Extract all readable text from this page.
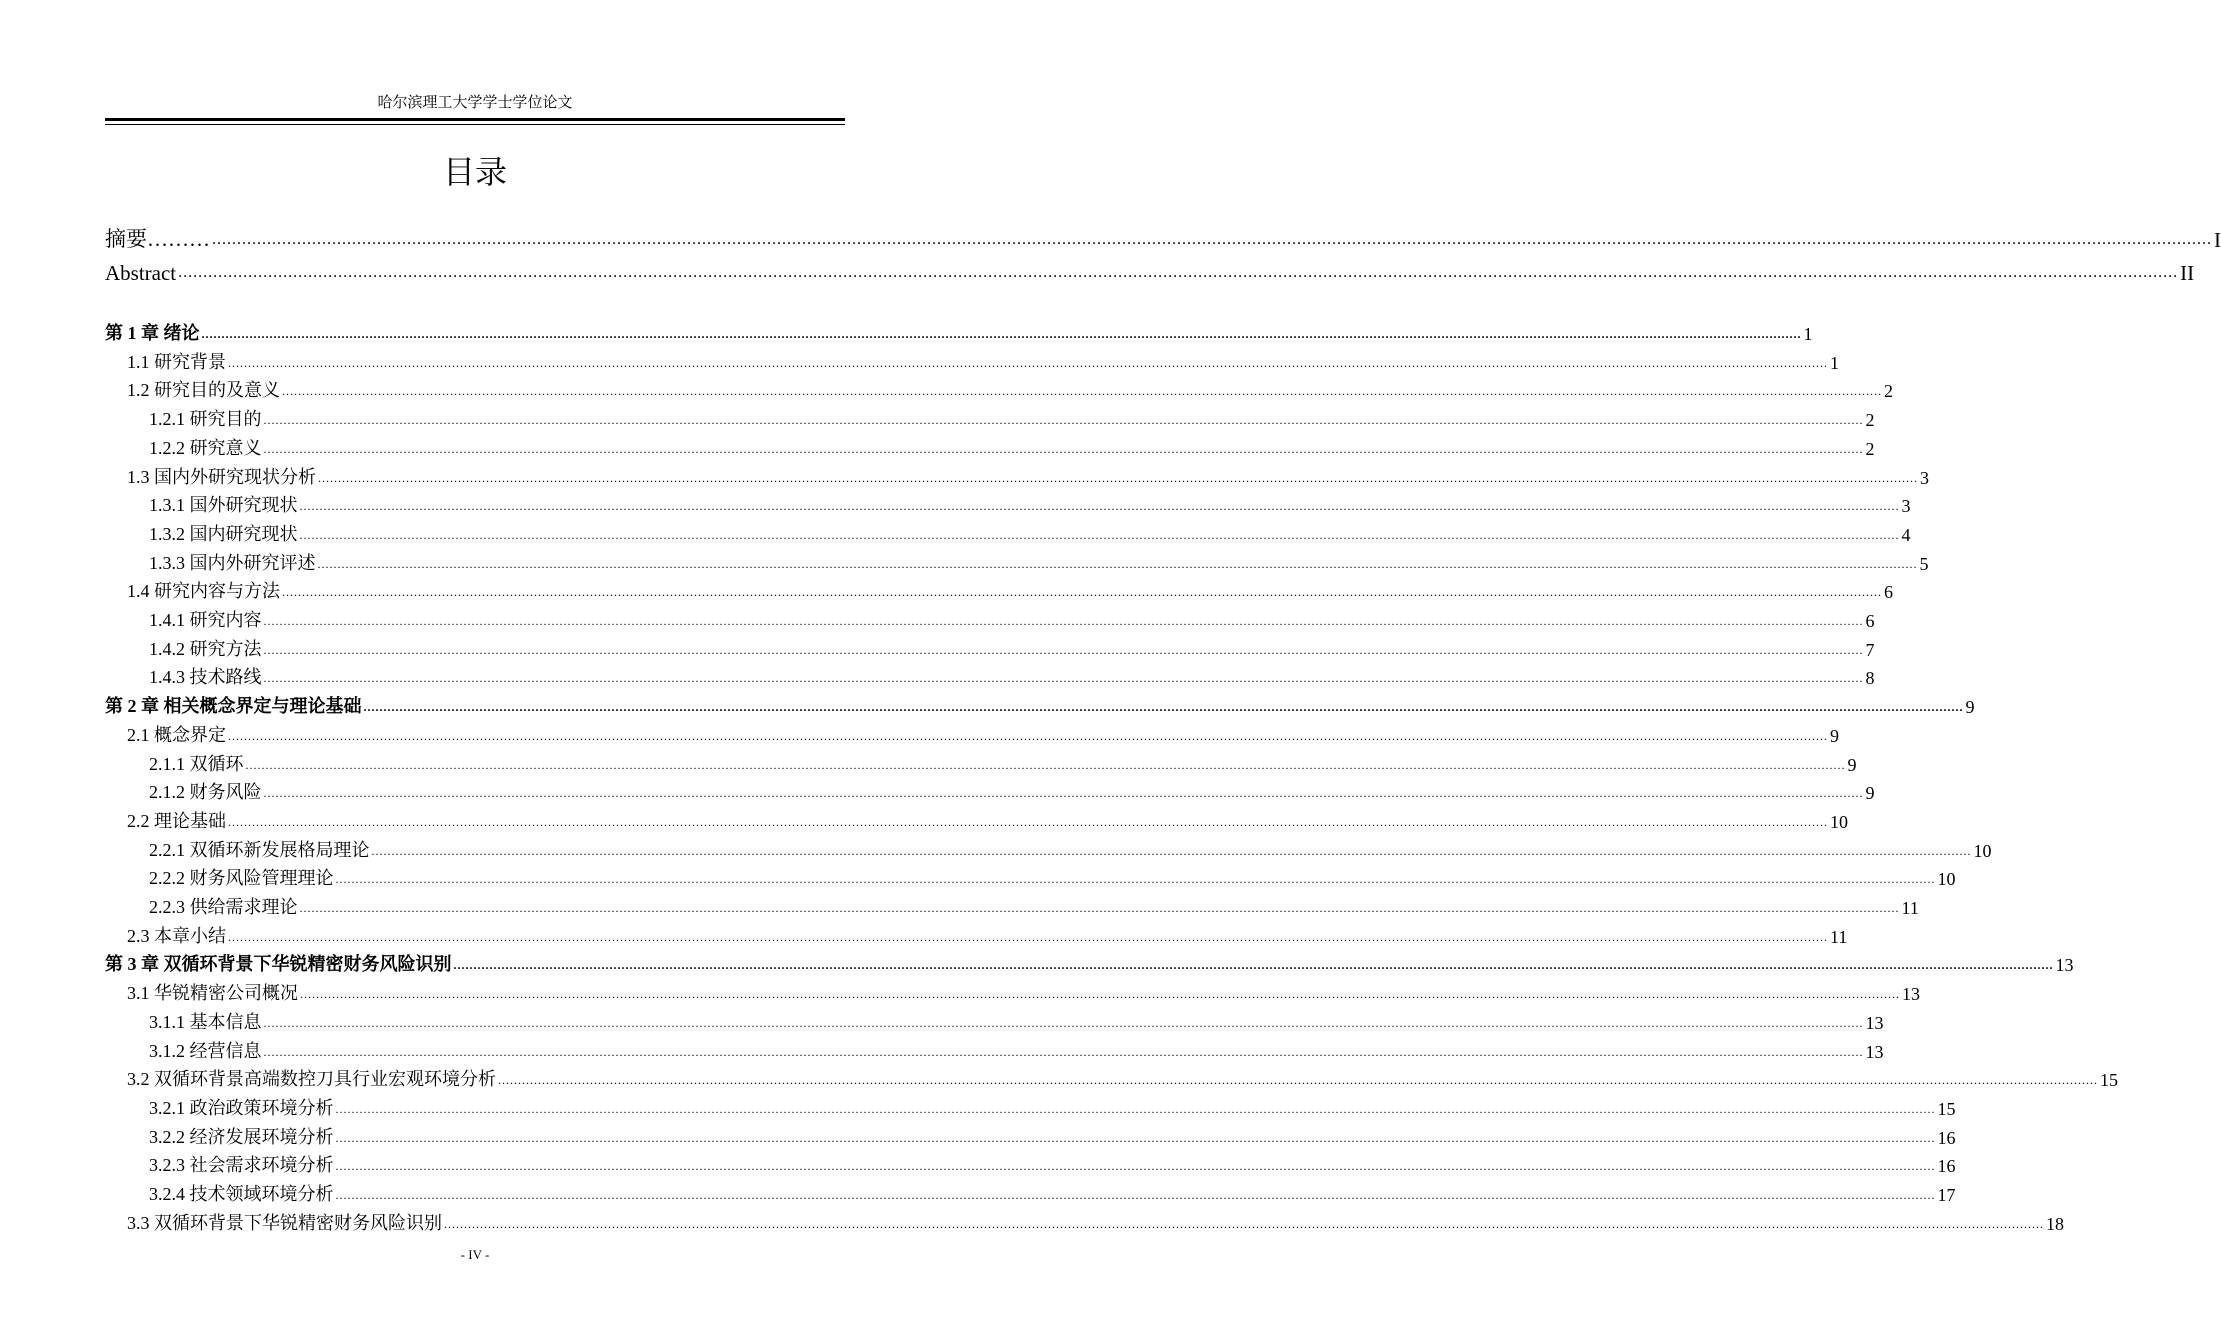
哈尔滨理工大学学士学位论文
目录
摘要……… ................................................................................................................................................................................................................................................................................................................................................................................................................ I
Abstract ................................................................................................................................................................................................................................................................................................................................................................................................................ II
第 1 章 绪论 ................................................................................................................................................................................................................................................................................................................................................................................................................ 1
1.1 研究背景 ................................................................................................................................................................................................................................................................................................................................................................................................................ 1
1.2 研究目的及意义 ................................................................................................................................................................................................................................................................................................................................................................................................................ 2
1.2.1 研究目的 ................................................................................................................................................................................................................................................................................................................................................................................................................ 2
1.2.2 研究意义 ................................................................................................................................................................................................................................................................................................................................................................................................................ 2
1.3 国内外研究现状分析 ................................................................................................................................................................................................................................................................................................................................................................................................................ 3
1.3.1 国外研究现状 ................................................................................................................................................................................................................................................................................................................................................................................................................ 3
1.3.2 国内研究现状 ................................................................................................................................................................................................................................................................................................................................................................................................................ 4
1.3.3 国内外研究评述 ................................................................................................................................................................................................................................................................................................................................................................................................................ 5
1.4 研究内容与方法 ................................................................................................................................................................................................................................................................................................................................................................................................................ 6
1.4.1 研究内容 ................................................................................................................................................................................................................................................................................................................................................................................................................ 6
1.4.2 研究方法 ................................................................................................................................................................................................................................................................................................................................................................................................................ 7
1.4.3 技术路线 ................................................................................................................................................................................................................................................................................................................................................................................................................ 8
第 2 章 相关概念界定与理论基础 ................................................................................................................................................................................................................................................................................................................................................................................................................ 9
2.1 概念界定 ................................................................................................................................................................................................................................................................................................................................................................................................................ 9
2.1.1 双循环 ................................................................................................................................................................................................................................................................................................................................................................................................................ 9
2.1.2 财务风险 ................................................................................................................................................................................................................................................................................................................................................................................................................ 9
2.2 理论基础 ................................................................................................................................................................................................................................................................................................................................................................................................................ 10
2.2.1 双循环新发展格局理论 ................................................................................................................................................................................................................................................................................................................................................................................................................ 10
2.2.2 财务风险管理理论 ................................................................................................................................................................................................................................................................................................................................................................................................................ 10
2.2.3 供给需求理论 ................................................................................................................................................................................................................................................................................................................................................................................................................ 11
2.3 本章小结 ................................................................................................................................................................................................................................................................................................................................................................................................................ 11
第 3 章 双循环背景下华锐精密财务风险识别 ................................................................................................................................................................................................................................................................................................................................................................................................................ 13
3.1 华锐精密公司概况 ................................................................................................................................................................................................................................................................................................................................................................................................................ 13
3.1.1 基本信息 ................................................................................................................................................................................................................................................................................................................................................................................................................ 13
3.1.2 经营信息 ................................................................................................................................................................................................................................................................................................................................................................................................................ 13
3.2 双循环背景高端数控刀具行业宏观环境分析 ................................................................................................................................................................................................................................................................................................................................................................................................................ 15
3.2.1 政治政策环境分析 ................................................................................................................................................................................................................................................................................................................................................................................................................ 15
3.2.2 经济发展环境分析 ................................................................................................................................................................................................................................................................................................................................................................................................................ 16
3.2.3 社会需求环境分析 ................................................................................................................................................................................................................................................................................................................................................................................................................ 16
3.2.4 技术领域环境分析 ................................................................................................................................................................................................................................................................................................................................................................................................................ 17
3.3 双循环背景下华锐精密财务风险识别 ................................................................................................................................................................................................................................................................................................................................................................................................................ 18
- IV -
